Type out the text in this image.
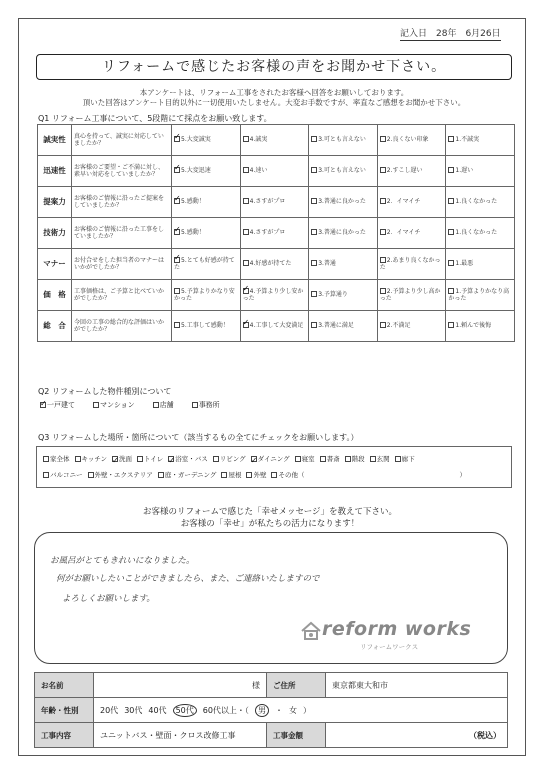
記入日　28年　6月26日
リフォームで感じたお客様の声をお聞かせ下さい。
本アンケートは、リフォーム工事をされたお客様へ回答をお願いしております。
頂いた回答はアンケート目的以外に一切使用いたしません。大変お手数ですが、率直なご感想をお聞かせ下さい。
Q1 リフォーム工事について、5段階にて採点をお願い致します。
誠実性	真心を持って、誠実に対応していましたか？	✓5.大変誠実	4.誠実	3.可とも言えない	2.良くない印象	1.不誠実
迅速性	お客様のご要望・ご不満に対し、素早い対応をしていましたか？	✓5.大変迅速	4.速い	3.可とも言えない	2.すこし遅い	1.遅い
提案力	お客様のご情報に沿ったご提案をしていましたか？	✓5.感動！	4.さすがプロ	3.普通に良かった	2．イマイチ	1.良くなかった
技術力	お客様のご情報に沿った工事をしていましたか？	✓5.感動！	4.さすがプロ	3.普通に良かった	2．イマイチ	1.良くなかった
マナー	お付合せをした担当者のマナーはいかがでしたか？	✓5.とても好感が持てた	4.好感が持てた	3.普通	2.あまり良くなかった	1.最悪
価　格	工事価格は、ご予算と比べていかがでしたか？	5.予算よりかなり安かった	✓4.予算より少し安かった	3.予算通り	2.予算より少し高かった	1.予算よりかなり高かった
総　合	今回の工事の総合的な評価はいかがでしたか？	5.工事して感動！	✓4.工事して大変満足	3.普通に満足	2.不満足	1.頼んで後悔
Q2 リフォームした物件種別について
✓一戸建て	マンション	店舗	事務所
Q3 リフォームした場所・箇所について（該当するもの全てにチェックをお願いします。）
家全体 キッチン ✓ 洗面 トイレ ✓ 浴室・バス リビング ✓ ダイニング 寝室 書斎 階段 玄関 廊下
バルコニー 外壁・エクステリア 庭・ガーデニング 屋根 外壁 その他（	）
お客様のリフォームで感じた「幸せメッセージ」を教えて下さい。
お客様の「幸せ」が私たちの活力になります！
お風呂がとてもきれいになりました。
何がお願いしたいことができましたら、また、ご連絡いたしますので
よろしくお願いします。
reform works
リフォームワークス
お名前	様	ご住所	東京都東大和市
年齢・性別	20代 30代 40代 50代 60代以上・（ 男 ・ 女 ）		
工事内容	ユニットバス・壁面・クロス改修工事	工事金額	（税込）
